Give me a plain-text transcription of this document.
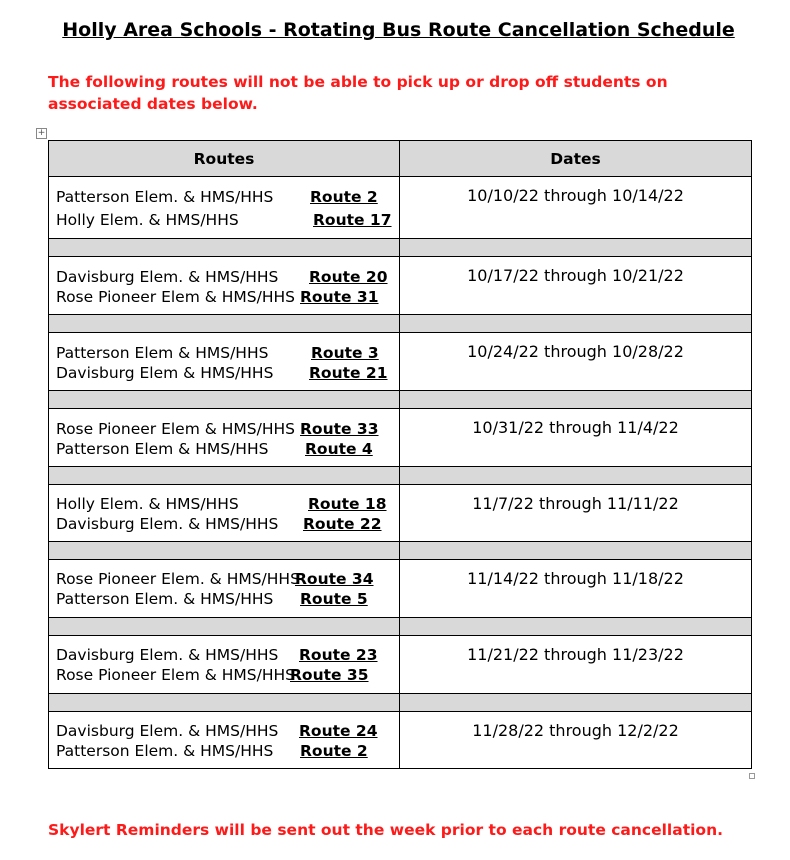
Holly Area Schools - Rotating Bus Route Cancellation Schedule
The following routes will not be able to pick up or drop off students on associated dates below.
+
Routes	Dates

Patterson Elem. & HMS/HHS Route 2
Holly Elem. & HMS/HHS Route 17	10/10/22 through 10/14/22

Davisburg Elem. & HMS/HHS Route 20
Rose Pioneer Elem & HMS/HHS Route 31	10/17/22 through 10/21/22

Patterson Elem & HMS/HHS Route 3
Davisburg Elem & HMS/HHS Route 21	10/24/22 through 10/28/22

Rose Pioneer Elem & HMS/HHS Route 33
Patterson Elem & HMS/HHS Route 4	10/31/22 through 11/4/22

Holly Elem. & HMS/HHS Route 18
Davisburg Elem. & HMS/HHS Route 22	11/7/22 through 11/11/22

Rose Pioneer Elem. & HMS/HHS
Route 34
Patterson Elem. & HMS/HHS Route 5	11/14/22 through 11/18/22

Davisburg Elem. & HMS/HHS Route 23
Rose Pioneer Elem & HMS/HHS
Route 35	11/21/22 through 11/23/22

Davisburg Elem. & HMS/HHS Route 24
Patterson Elem. & HMS/HHS Route 2	11/28/22 through 12/2/22
Skylert Reminders will be sent out the week prior to each route cancellation.
